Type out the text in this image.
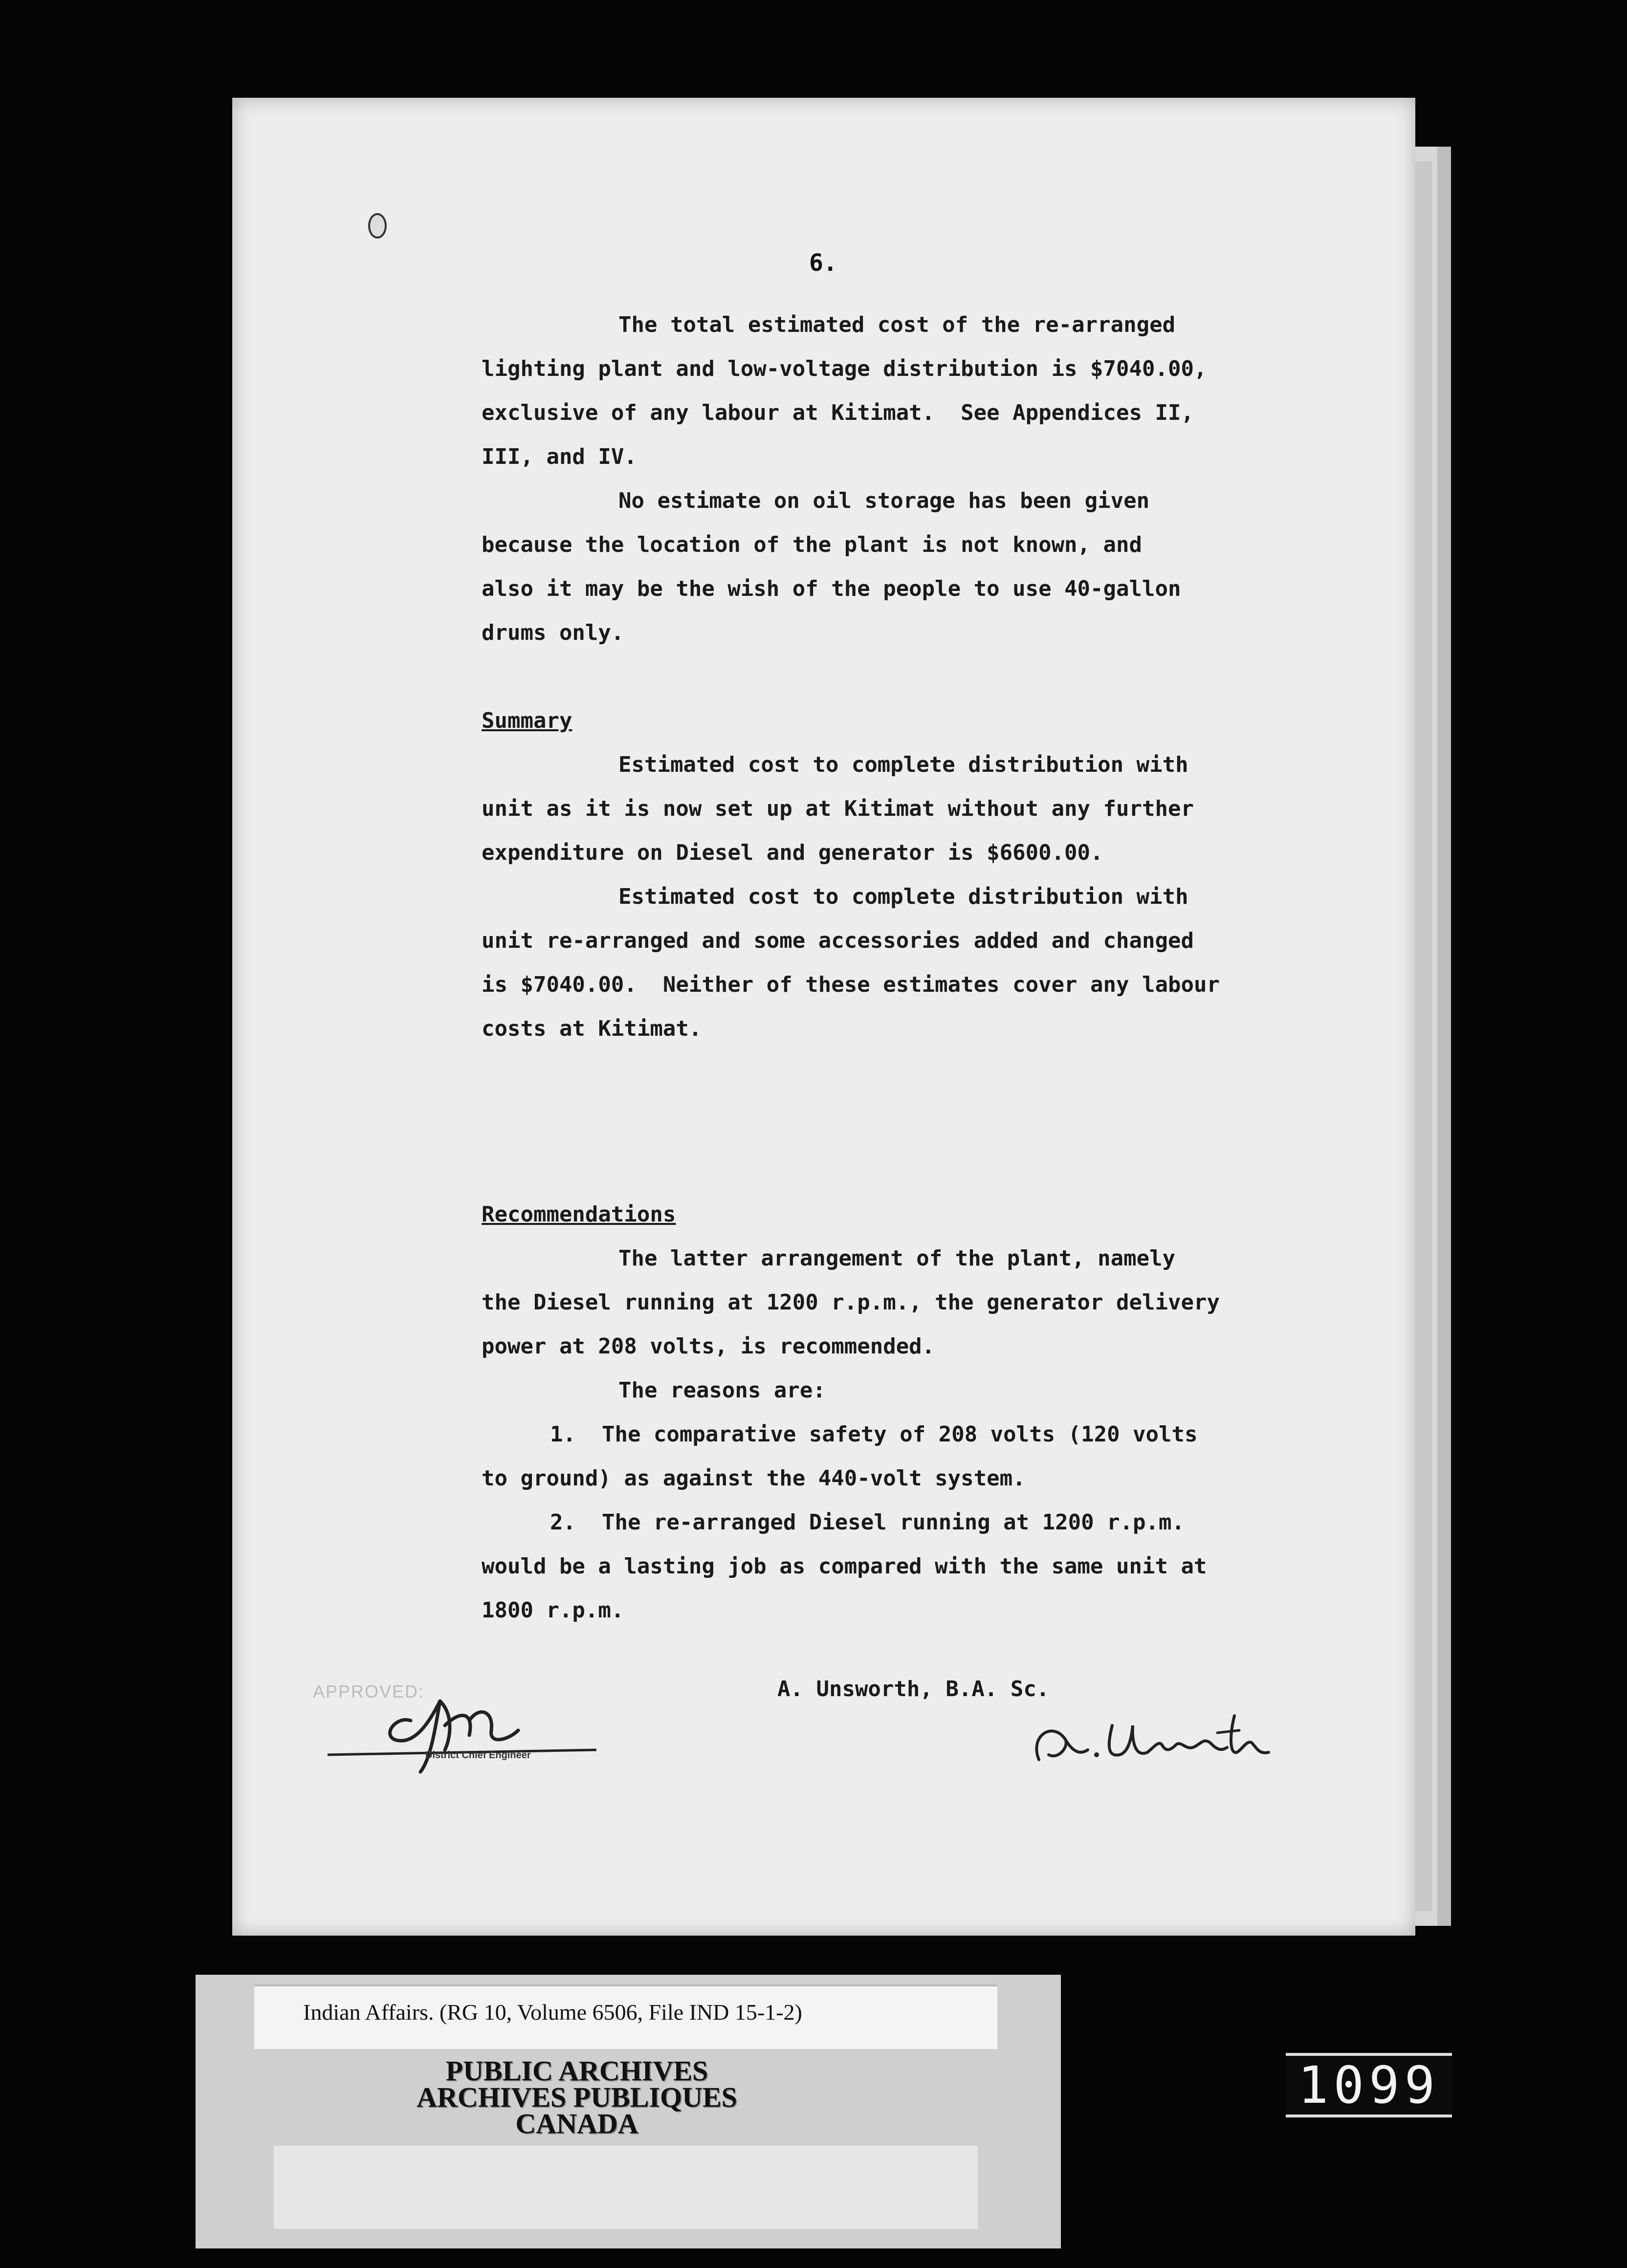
6.

The total estimated cost of the re-arranged
lighting plant and low-voltage distribution is $7040.00,
exclusive of any labour at Kitimat.  See Appendices II,
III, and IV.

No estimate on oil storage has been given
because the location of the plant is not known, and
also it may be the wish of the people to use 40-gallon
drums only.

Summary

Estimated cost to complete distribution with
unit as it is now set up at Kitimat without any further
expenditure on Diesel and generator is $6600.00.

Estimated cost to complete distribution with
unit re-arranged and some accessories added and changed
is $7040.00.  Neither of these estimates cover any labour
costs at Kitimat.

Recommendations

The latter arrangement of the plant, namely
the Diesel running at 1200 r.p.m., the generator delivery
power at 208 volts, is recommended.

The reasons are:

1.  The comparative safety of 208 volts (120 volts
to ground) as against the 440-volt system.

2.  The re-arranged Diesel running at 1200 r.p.m.
would be a lasting job as compared with the same unit at
1800 r.p.m.

A. Unsworth, B.A. Sc.
APPROVED:
District Chief Engineer
Indian Affairs. (RG 10, Volume 6506, File IND 15-1-2)
PUBLIC ARCHIVES
ARCHIVES PUBLIQUES
CANADA
1099
